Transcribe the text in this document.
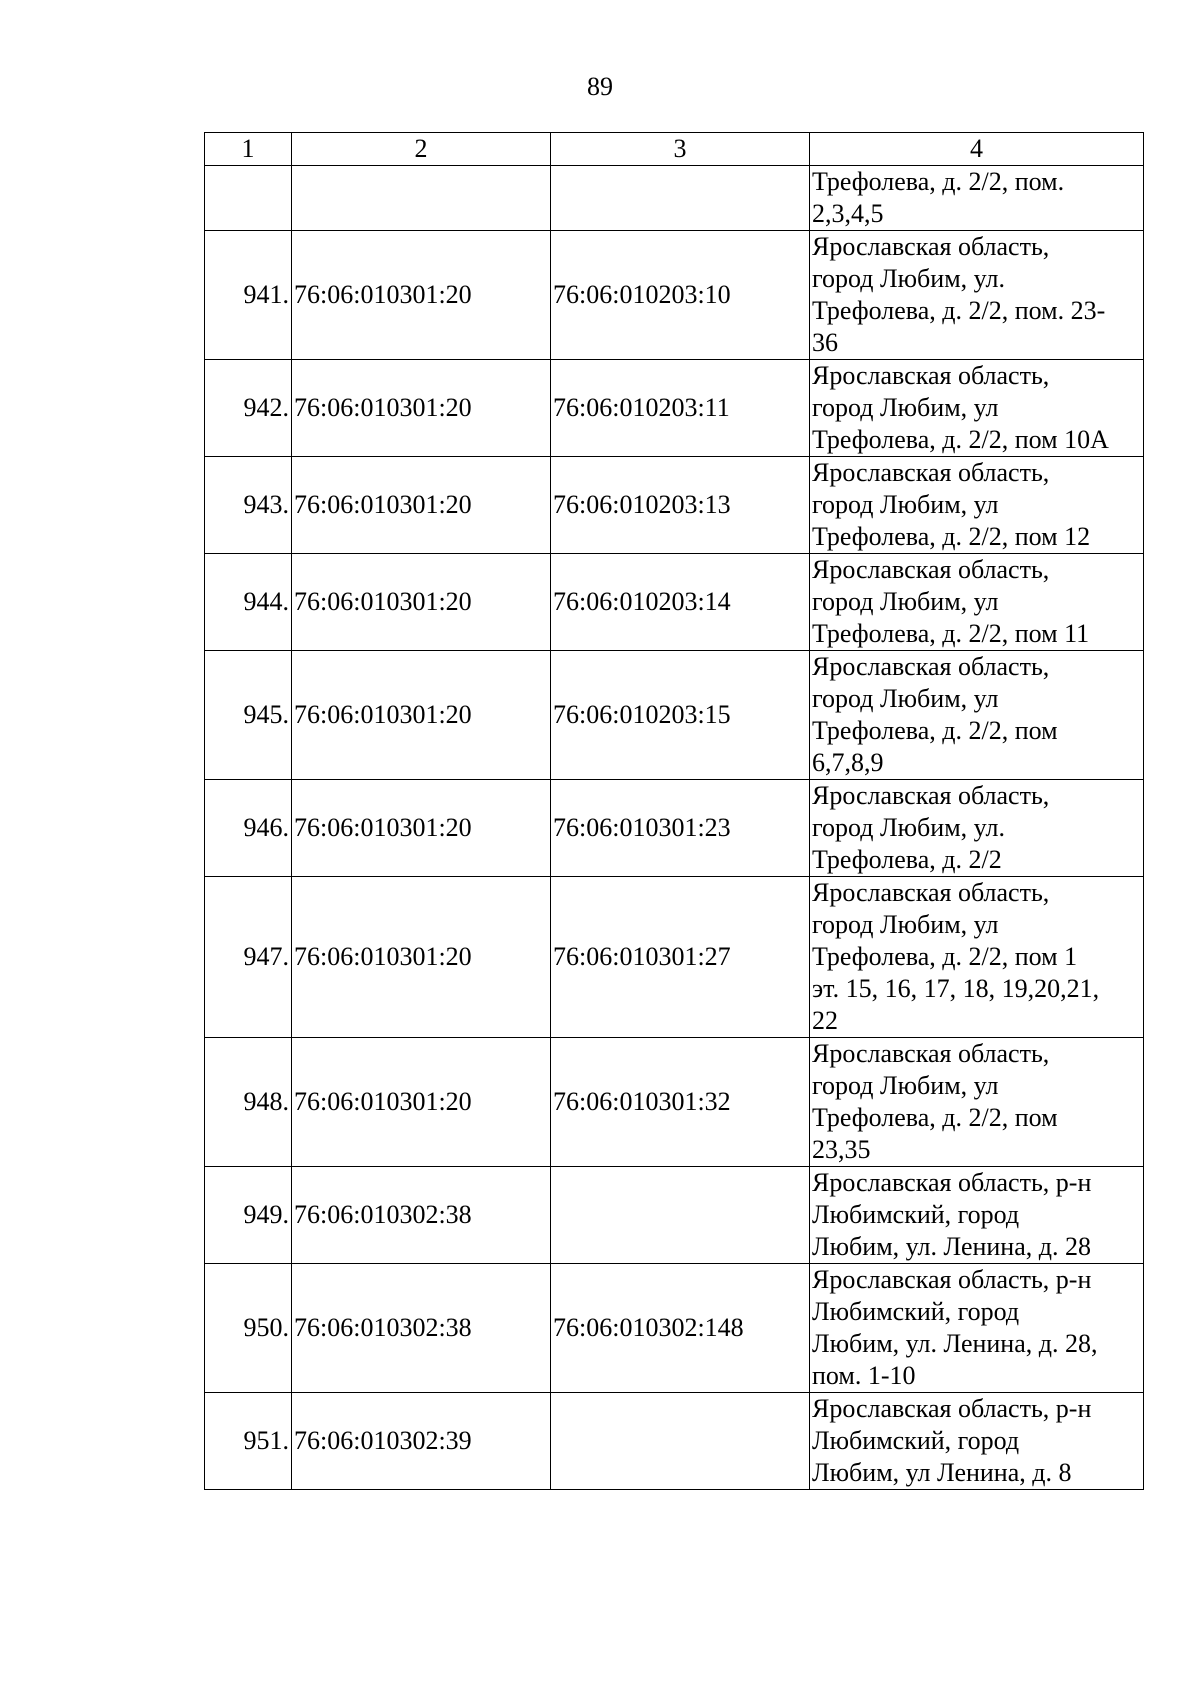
89
1	2	3	4
			Трефолева, д. 2/2, пом.
2,3,4,5
941.	76:06:010301:20	76:06:010203:10	Ярославская область,
город Любим, ул.
Трефолева, д. 2/2, пом. 23-
36
942.	76:06:010301:20	76:06:010203:11	Ярославская область,
город Любим, ул
Трефолева, д. 2/2, пом 10А
943.	76:06:010301:20	76:06:010203:13	Ярославская область,
город Любим, ул
Трефолева, д. 2/2, пом 12
944.	76:06:010301:20	76:06:010203:14	Ярославская область,
город Любим, ул
Трефолева, д. 2/2, пом 11
945.	76:06:010301:20	76:06:010203:15	Ярославская область,
город Любим, ул
Трефолева, д. 2/2, пом
6,7,8,9
946.	76:06:010301:20	76:06:010301:23	Ярославская область,
город Любим, ул.
Трефолева, д. 2/2
947.	76:06:010301:20	76:06:010301:27	Ярославская область,
город Любим, ул
Трефолева, д. 2/2, пом 1
эт. 15, 16, 17, 18, 19,20,21,
22
948.	76:06:010301:20	76:06:010301:32	Ярославская область,
город Любим, ул
Трефолева, д. 2/2, пом
23,35
949.	76:06:010302:38		Ярославская область, р-н
Любимский, город
Любим, ул. Ленина, д. 28
950.	76:06:010302:38	76:06:010302:148	Ярославская область, р-н
Любимский, город
Любим, ул. Ленина, д. 28,
пом. 1-10
951.	76:06:010302:39		Ярославская область, р-н
Любимский, город
Любим, ул Ленина, д. 8
